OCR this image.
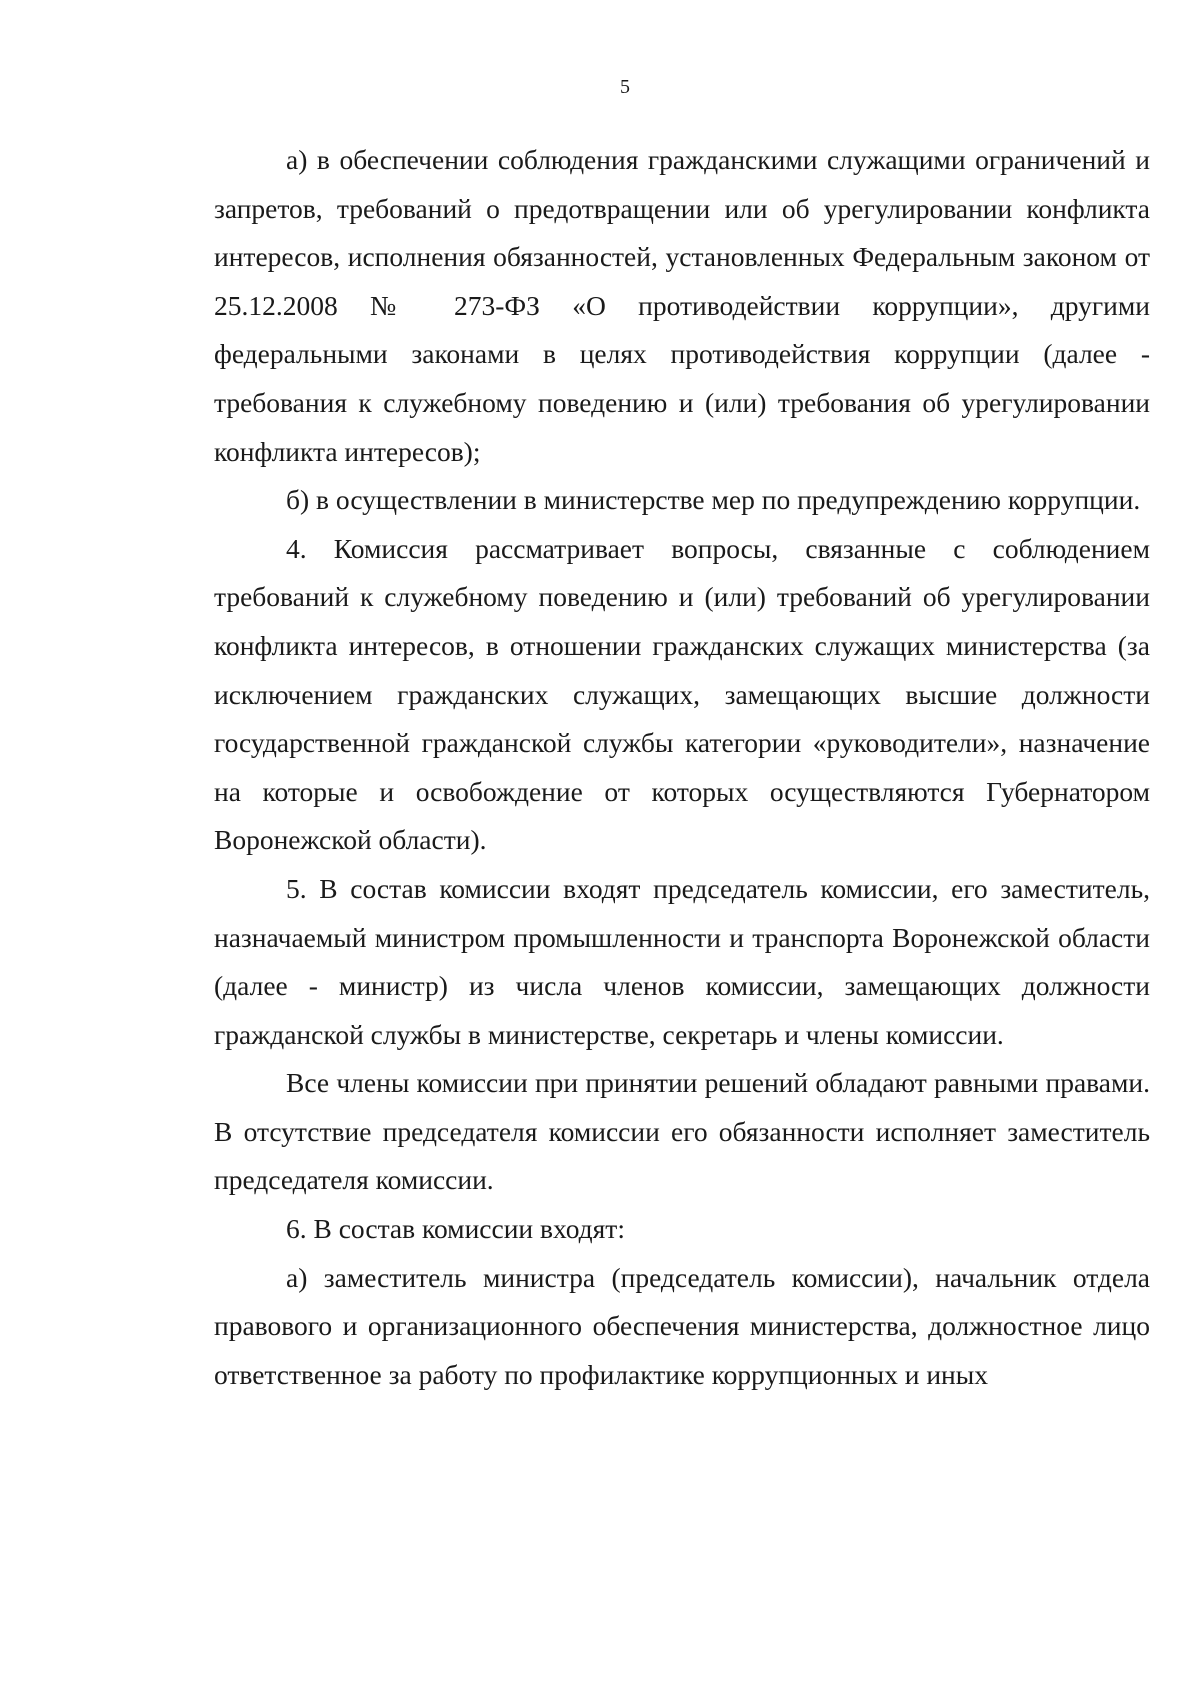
5

а) в обеспечении соблюдения гражданскими служащими ограничений и запретов, требований о предотвращении или об урегулировании конфликта интересов, исполнения обязанностей, установленных Федеральным законом от 25.12.2008 № 273-ФЗ «О противодействии коррупции», другими федеральными законами в целях противодействия коррупции (далее - требования к служебному поведению и (или) требования об урегулировании конфликта интересов);

б) в осуществлении в министерстве мер по предупреждению коррупции.

4. Комиссия рассматривает вопросы, связанные с соблюдением требований к служебному поведению и (или) требований об урегулировании конфликта интересов, в отношении гражданских служащих министерства (за исключением гражданских служащих, замещающих высшие должности государственной гражданской службы категории «руководители», назначение на которые и освобождение от которых осуществляются Губернатором Воронежской области).

5. В состав комиссии входят председатель комиссии, его заместитель, назначаемый министром промышленности и транспорта Воронежской области (далее - министр) из числа членов комиссии, замещающих должности гражданской службы в министерстве, секретарь и члены комиссии.

Все члены комиссии при принятии решений обладают равными правами. В отсутствие председателя комиссии его обязанности исполняет заместитель председателя комиссии.

6. В состав комиссии входят:

а) заместитель министра (председатель комиссии), начальник отдела правового и организационного обеспечения министерства, должностное лицо ответственное за работу по профилактике коррупционных и иных
